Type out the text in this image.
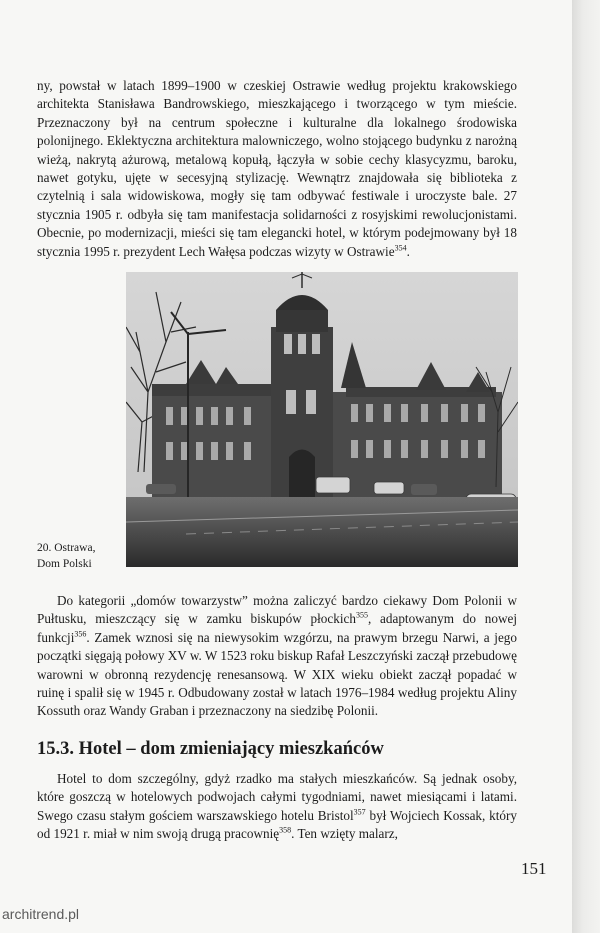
ny, powstał w latach 1899–1900 w czeskiej Ostrawie według projektu krakowskiego architekta Stanisława Bandrowskiego, mieszkającego i tworzącego w tym mieście. Przeznaczony był na centrum społeczne i kulturalne dla lokalnego środowiska polonijnego. Eklektyczna architektura malowniczego, wolno stojącego budynku z narożną wieżą, nakrytą ażurową, metalową kopułą, łączyła w sobie cechy klasycyzmu, baroku, nawet gotyku, ujęte w secesyjną stylizację. Wewnątrz znajdowała się biblioteka z czytelnią i sala widowiskowa, mogły się tam odbywać festiwale i uroczyste bale. 27 stycznia 1905 r. odbyła się tam manifestacja solidarności z rosyjskimi rewolucjonistami. Obecnie, po modernizacji, mieści się tam elegancki hotel, w którym podejmowany był 18 stycznia 1995 r. prezydent Lech Wałęsa podczas wizyty w Ostrawie$^{354}$.

20. Ostrawa,
Dom Polski

Do kategorii „domów towarzystw” można zaliczyć bardzo ciekawy Dom Polonii w Pułtusku, mieszczący się w zamku biskupów płockich$^{355}$, adaptowanym do nowej funkcji$^{356}$. Zamek wznosi się na niewysokim wzgórzu, na prawym brzegu Narwi, a jego początki sięgają połowy XV w. W 1523 roku biskup Rafał Leszczyński zaczął przebudowę warowni w obronną rezydencję renesansową. W XIX wieku obiekt zaczął popadać w ruinę i spalił się w 1945 r. Odbudowany został w latach 1976–1984 według projektu Aliny Kossuth oraz Wandy Graban i przeznaczony na siedzibę Polonii.

15.3. Hotel – dom zmieniający mieszkańców

Hotel to dom szczególny, gdyż rzadko ma stałych mieszkańców. Są jednak osoby, które goszczą w hotelowych podwojach całymi tygodniami, nawet miesiącami i latami. Swego czasu stałym gościem warszawskiego hotelu Bristol$^{357}$ był Wojciech Kossak, który od 1921 r. miał w nim swoją drugą pracownię$^{358}$. Ten wzięty malarz,

151
architrend.pl
